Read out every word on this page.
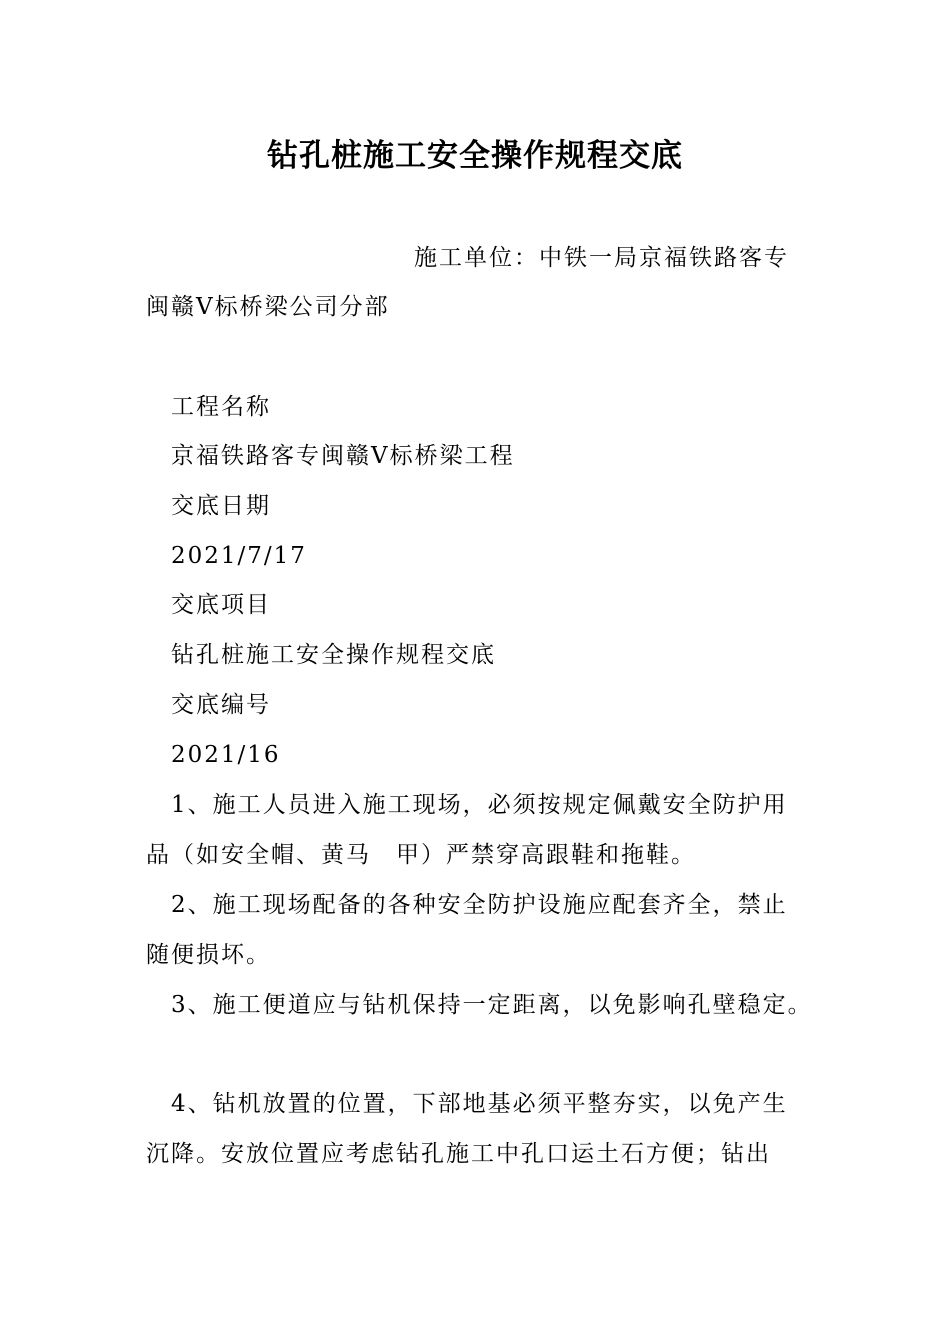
钻孔桩施工安全操作规程交底
施工单位：中铁一局京福铁路客专
闽赣Ⅴ标桥梁公司分部
工程名称
京福铁路客专闽赣Ⅴ标桥梁工程
交底日期
2021/7/17
交底项目
钻孔桩施工安全操作规程交底
交底编号
2021/16
1、施工人员进入施工现场，必须按规定佩戴安全防护用
品（如安全帽、黄马　甲）严禁穿高跟鞋和拖鞋。
2、施工现场配备的各种安全防护设施应配套齐全，禁止
随便损坏。
3、施工便道应与钻机保持一定距离，以免影响孔壁稳定。
4、钻机放置的位置，下部地基必须平整夯实，以免产生
沉降。安放位置应考虑钻孔施工中孔口运土石方便；钻出
